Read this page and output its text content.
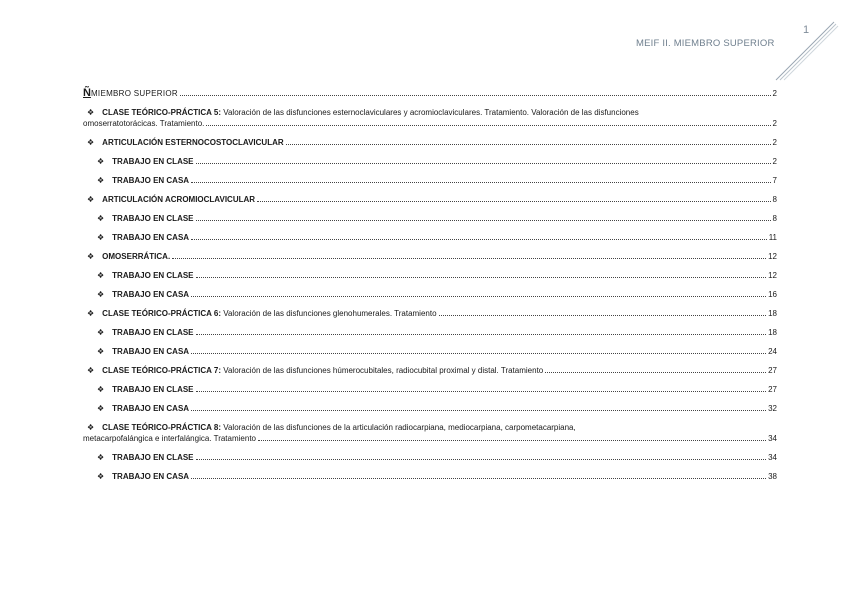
1
MEIF II. MIEMBRO SUPERIOR
ÑMIEMBRO SUPERIOR	2
❖ CLASE TEÓRICO-PRÁCTICA 5: Valoración de las disfunciones esternoclaviculares y acromioclaviculares. Tratamiento. Valoración de las disfunciones
omoserratotorácicas. Tratamiento.	2
❖ ARTICULACIÓN ESTERNOCOSTOCLAVICULAR	2
❖ TRABAJO EN CLASE	2
❖ TRABAJO EN CASA	7
❖ ARTICULACIÓN ACROMIOCLAVICULAR	8
❖ TRABAJO EN CLASE	8
❖ TRABAJO EN CASA	11
❖ OMOSERRÁTICA.	12
❖ TRABAJO EN CLASE	12
❖ TRABAJO EN CASA	16
❖ CLASE TEÓRICO-PRÁCTICA 6: Valoración de las disfunciones glenohumerales. Tratamiento	18
❖ TRABAJO EN CLASE	18
❖ TRABAJO EN CASA	24
❖ CLASE TEÓRICO-PRÁCTICA 7: Valoración de las disfunciones húmerocubitales, radiocubital proximal y distal. Tratamiento	27
❖ TRABAJO EN CLASE	27
❖ TRABAJO EN CASA	32
❖ CLASE TEÓRICO-PRÁCTICA 8: Valoración de las disfunciones de la articulación radiocarpiana, mediocarpiana, carpometacarpiana,
metacarpofalángica e interfalángica. Tratamiento	34
❖ TRABAJO EN CLASE	34
❖ TRABAJO EN CASA	38
